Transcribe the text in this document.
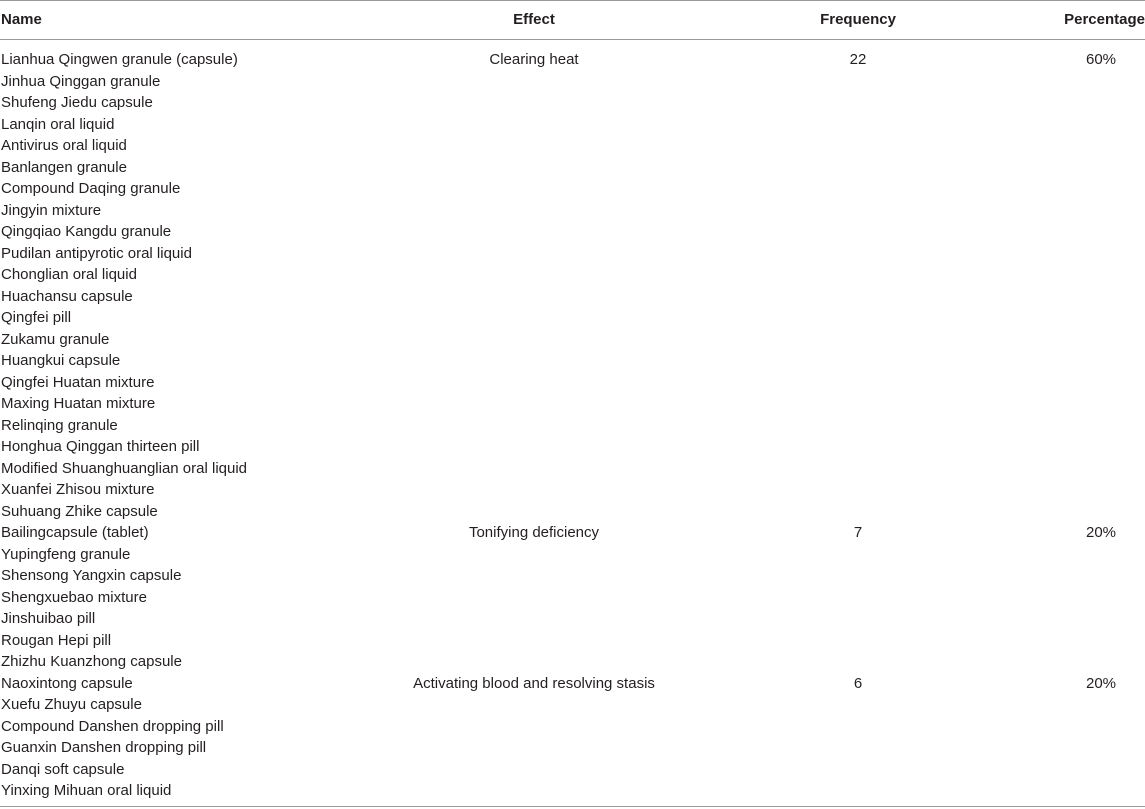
Name	Effect	Frequency	Percentage
Lianhua Qingwen granule (capsule)	Clearing heat	22	60%
Jinhua Qinggan granule
Shufeng Jiedu capsule
Lanqin oral liquid
Antivirus oral liquid
Banlangen granule
Compound Daqing granule
Jingyin mixture
Qingqiao Kangdu granule
Pudilan antipyrotic oral liquid
Chonglian oral liquid
Huachansu capsule
Qingfei pill
Zukamu granule
Huangkui capsule
Qingfei Huatan mixture
Maxing Huatan mixture
Relinqing granule
Honghua Qinggan thirteen pill
Modified Shuanghuanglian oral liquid
Xuanfei Zhisou mixture
Suhuang Zhike capsule
Bailingcapsule (tablet)	Tonifying deficiency	7	20%
Yupingfeng granule
Shensong Yangxin capsule
Shengxuebao mixture
Jinshuibao pill
Rougan Hepi pill
Zhizhu Kuanzhong capsule
Naoxintong capsule	Activating blood and resolving stasis	6	20%
Xuefu Zhuyu capsule
Compound Danshen dropping pill
Guanxin Danshen dropping pill
Danqi soft capsule
Yinxing Mihuan oral liquid
